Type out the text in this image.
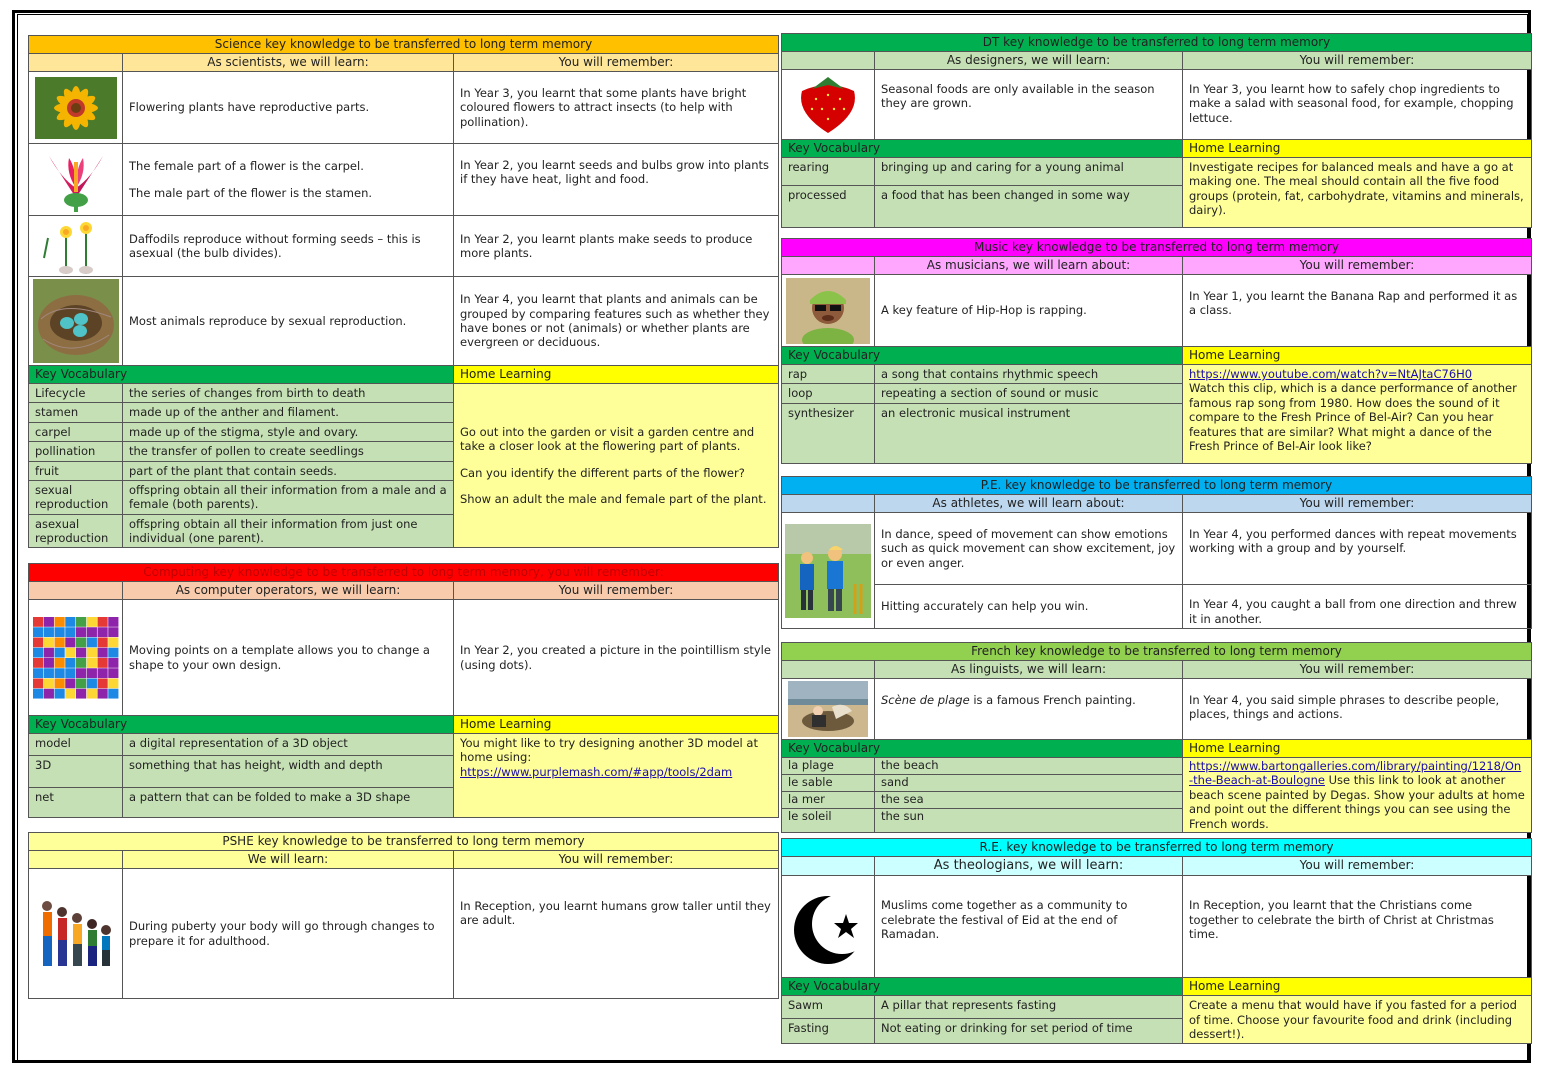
Science key knowledge to be transferred to long term memory		
	As scientists, we will learn:	You will remember:

	Flowering plants have reproductive parts.	In Year 3, you learnt that some plants have bright coloured flowers to attract insects (to help with pollination).

The female part of a flower is the carpel.

The male part of the flower is the stamen.	In Year 2, you learnt seeds and bulbs grow into plants if they have heat, light and food.

	Daffodils reproduce without forming seeds – this is asexual (the bulb divides).	In Year 2, you learnt plants make seeds to produce more plants.

	Most animals reproduce by sexual reproduction.	In Year 4, you learnt that plants and animals can be grouped by comparing features such as whether they have bones or not (animals) or whether plants are evergreen or deciduous.
Key Vocabulary		Home Learning
Lifecycle	the series of changes from birth to death	Go out into the garden or visit a garden centre and take a closer look at the flowering part of plants.

Can you identify the different parts of the flower?

Show an adult the male and female part of the plant.

stamen	made up of the anther and filament.	
carpel	made up of the stigma, style and ovary.	
pollination	the transfer of pollen to create seedlings	
fruit	part of the plant that contain seeds.	
sexual reproduction	offspring obtain all their information from a male and a female (both parents).	
asexual reproduction	offspring obtain all their information from just one individual (one parent).	
Computing key knowledge to be transferred to long term memory, you will remember:		
	As computer operators, we will learn:	You will remember:

	Moving points on a template allows you to change a shape to your own design.	In Year 2, you created a picture in the pointillism style (using dots).
Key Vocabulary		Home Learning
model	a digital representation of a 3D object	You might like to try designing another 3D model at home using:
https://www.purplemash.com/#app/tools/2dam
3D	something that has height, width and depth	
net	a pattern that can be folded to make a 3D shape	
PSHE key knowledge to be transferred to long term memory		
	We will learn:	You will remember:

	During puberty your body will go through changes to prepare it for adulthood.	In Reception, you learnt humans grow taller until they are adult.
DT key knowledge to be transferred to long term memory		
	As designers, we will learn:	You will remember:

	Seasonal foods are only available in the season they are grown.	In Year 3, you learnt how to safely chop ingredients to make a salad with seasonal food, for example, chopping lettuce.
Key Vocabulary		Home Learning
rearing	bringing up and caring for a young animal	Investigate recipes for balanced meals and have a go at making one. The meal should contain all the five food groups (protein, fat, carbohydrate, vitamins and minerals, dairy).
processed	a food that has been changed in some way	
Music key knowledge to be transferred to long term memory		
	As musicians, we will learn about:	You will remember:

	A key feature of Hip-Hop is rapping.	In Year 1, you learnt the Banana Rap and performed it as a class.
Key Vocabulary		Home Learning
rap	a song that contains rhythmic speech	https://www.youtube.com/watch?v=NtAJtaC76H0
Watch this clip, which is a dance performance of another famous rap song from 1980. How does the sound of it compare to the Fresh Prince of Bel-Air? Can you hear features that are similar? What might a dance of the Fresh Prince of Bel-Air look like?
loop	repeating a section of sound or music	
synthesizer	an electronic musical instrument	
P.E. key knowledge to be transferred to long term memory		
	As athletes, we will learn about:	You will remember:

	In dance, speed of movement can show emotions such as quick movement can show excitement, joy or even anger.	In Year 4, you performed dances with repeat movements working with a group and by yourself.
	Hitting accurately can help you win.	In Year 4, you caught a ball from one direction and threw it in another.
French key knowledge to be transferred to long term memory		
	As linguists, we will learn:	You will remember:

	Scène de plage is a famous French painting.	In Year 4, you said simple phrases to describe people, places, things and actions.
Key Vocabulary		Home Learning
la plage	the beach	https://www.bartongalleries.com/library/painting/1218/On-the-Beach-at-Boulogne Use this link to look at another beach scene painted by Degas. Show your adults at home and point out the different things you can see using the French words.
le sable	sand	
la mer	the sea	
le soleil	the sun	
R.E. key knowledge to be transferred to long term memory		
	As theologians, we will learn:	You will remember:

	Muslims come together as a community to celebrate the festival of Eid at the end of Ramadan.	In Reception, you learnt that the Christians come together to celebrate the birth of Christ at Christmas time.
Key Vocabulary		Home Learning
Sawm	A pillar that represents fasting	Create a menu that would have if you fasted for a period of time. Choose your favourite food and drink (including dessert!).
Fasting	Not eating or drinking for set period of time	
